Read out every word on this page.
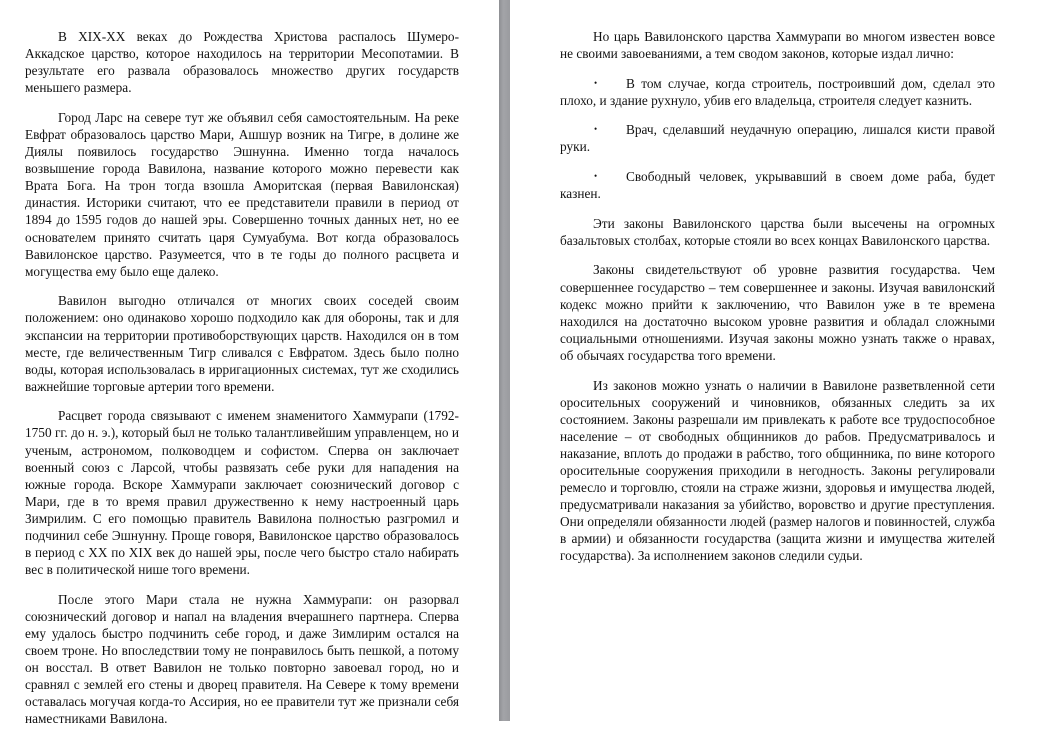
В XIX-XX веках до Рождества Христова распалось Шумеро-Аккадское царство, которое находилось на территории Месопотамии. В результате его развала образовалось множество других государств меньшего размера.

Город Ларс на севере тут же объявил себя самостоятельным. На реке Евфрат образовалось царство Мари, Ашшур возник на Тигре, в долине же Диялы появилось государство Эшнунна. Именно тогда началось возвышение города Вавилона, название которого можно перевести как Врата Бога. На трон тогда взошла Аморитская (первая Вавилонская) династия. Историки считают, что ее представители правили в период от 1894 до 1595 годов до нашей эры. Совершенно точных данных нет, но ее основателем принято считать царя Сумуабума. Вот когда образовалось Вавилонское царство. Разумеется, что в те годы до полного расцвета и могущества ему было еще далеко.

Вавилон выгодно отличался от многих своих соседей своим положением: оно одинаково хорошо подходило как для обороны, так и для экспансии на территории противоборствующих царств. Находился он в том месте, где величественным Тигр сливался с Евфратом. Здесь было полно воды, которая использовалась в ирригационных системах, тут же сходились важнейшие торговые артерии того времени.

Расцвет города связывают с именем знаменитого Хаммурапи (1792-1750 гг. до н. э.), который был не только талантливейшим управленцем, но и ученым, астрономом, полководцем и софистом. Сперва он заключает военный союз с Ларсой, чтобы развязать себе руки для нападения на южные города. Вскоре Хаммурапи заключает союзнический договор с Мари, где в то время правил дружественно к нему настроенный царь Зимрилим. С его помощью правитель Вавилона полностью разгромил и подчинил себе Эшнунну. Проще говоря, Вавилонское царство образовалось в период с XX по XIX век до нашей эры, после чего быстро стало набирать вес в политической нише того времени.

После этого Мари стала не нужна Хаммурапи: он разорвал союзнический договор и напал на владения вчерашнего партнера. Сперва ему удалось быстро подчинить себе город, и даже Зимлирим остался на своем троне. Но впоследствии тому не понравилось быть пешкой, а потому он восстал. В ответ Вавилон не только повторно завоевал город, но и сравнял с землей его стены и дворец правителя. На Севере к тому времени оставалась могучая когда-то Ассирия, но ее правители тут же признали себя наместниками Вавилона.

Но царь Вавилонского царства Хаммурапи во многом известен вовсе не своими завоеваниями, а тем сводом законов, которые издал лично:

• В том случае, когда строитель, построивший дом, сделал это плохо, и здание рухнуло, убив его владельца, строителя следует казнить.

• Врач, сделавший неудачную операцию, лишался кисти правой руки.

• Свободный человек, укрывавший в своем доме раба, будет казнен.

Эти законы Вавилонского царства были высечены на огромных базальтовых столбах, которые стояли во всех концах Вавилонского царства.

Законы свидетельствуют об уровне развития государства. Чем совершеннее государство – тем совершеннее и законы. Изучая вавилонский кодекс можно прийти к заключению, что Вавилон уже в те времена находился на достаточно высоком уровне развития и обладал сложными социальными отношениями. Изучая законы можно узнать также о нравах, об обычаях государства того времени.

Из законов можно узнать о наличии в Вавилоне разветвленной сети оросительных сооружений и чиновников, обязанных следить за их состоянием. Законы разрешали им привлекать к работе все трудоспособное население – от свободных общинников до рабов. Предусматривалось и наказание, вплоть до продажи в рабство, того общинника, по вине которого оросительные сооружения приходили в негодность. Законы регулировали ремесло и торговлю, стояли на страже жизни, здоровья и имущества людей, предусматривали наказания за убийство, воровство и другие преступления. Они определяли обязанности людей (размер налогов и повинностей, служба в армии) и обязанности государства (защита жизни и имущества жителей государства). За исполнением законов следили судьи.
